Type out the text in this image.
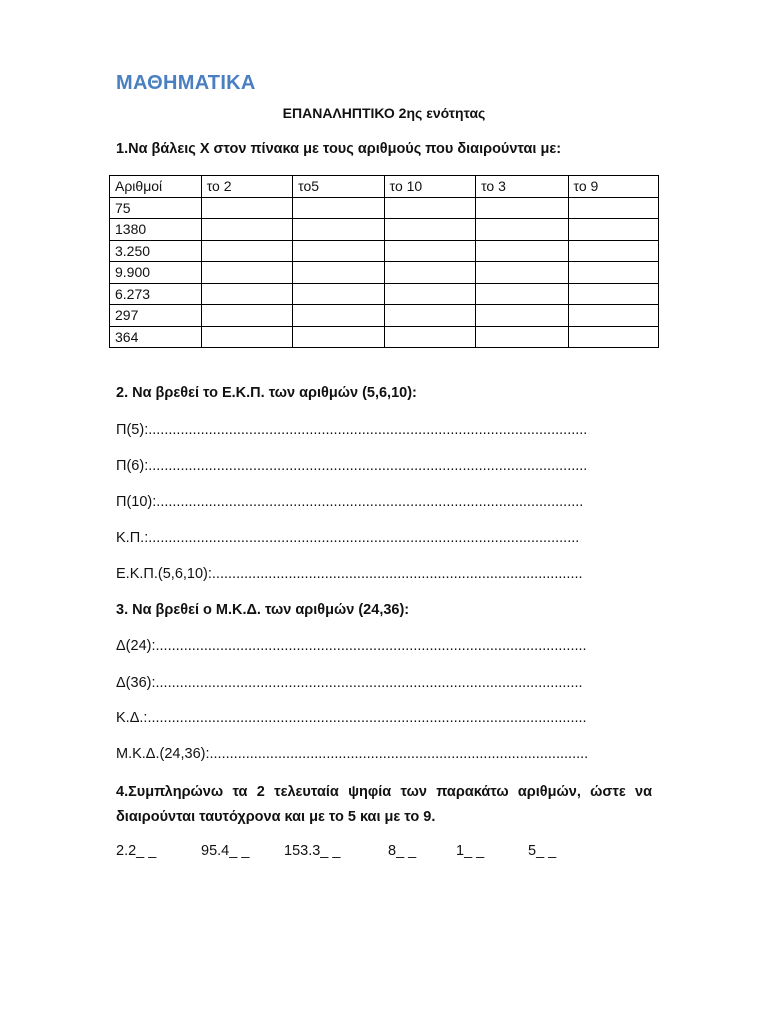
ΜΑΘΗΜΑΤΙΚΑ
ΕΠΑΝΑΛΗΠΤΙΚΟ 2ης ενότητας
1.Να βάλεις Χ στον πίνακα με τους αριθμούς που διαιρούνται με:
Αριθμοί	το 2	το5	το 10	το 3	το 9
75					
1380					
3.250					
9.900					
6.273					
297					
364					
2. Να βρεθεί το Ε.Κ.Π. των αριθμών (5,6,10):
Π(5):.............................................................................................................
Π(6):.............................................................................................................
Π(10):..........................................................................................................
Κ.Π.:...........................................................................................................
Ε.Κ.Π.(5,6,10):............................................................................................
3. Να βρεθεί ο Μ.Κ.Δ. των αριθμών (24,36):
Δ(24):...........................................................................................................
Δ(36):..........................................................................................................
Κ.Δ.:.............................................................................................................
Μ.Κ.Δ.(24,36):..............................................................................................
4.Συμπληρώνω τα 2 τελευταία ψηφία των παρακάτω αριθμών, ώστε να διαιρούνται ταυτόχρονα και με το 5 και με το 9.
2.2_ _	95.4_ _ 153.3_ _	8_ _	1_ _	5_ _
